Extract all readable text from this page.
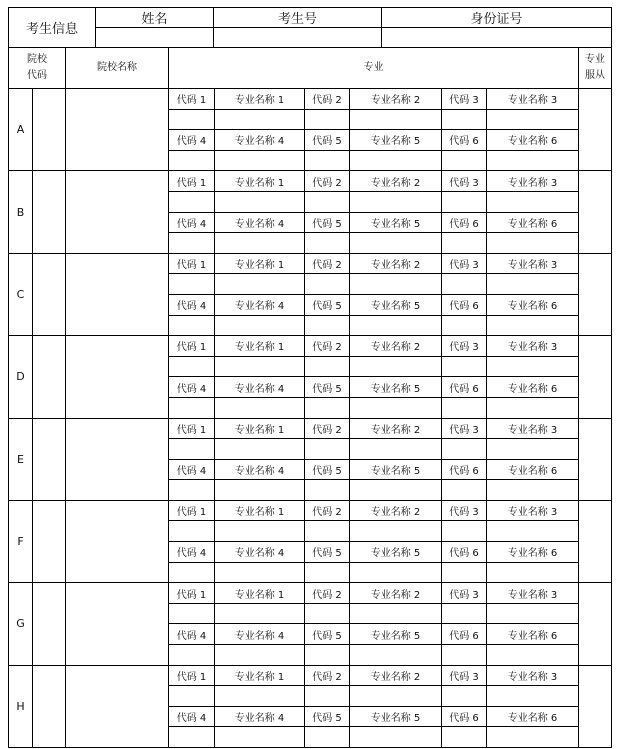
考生信息	姓名	考生号	身份证号

院校
代码		院校名称	专业						专业
服从
A			代码 1	专业名称 1	代码 2	专业名称 2	代码 3	专业名称 3	

			代码 4	专业名称 4	代码 5	专业名称 5	代码 6	专业名称 6	

B			代码 1	专业名称 1	代码 2	专业名称 2	代码 3	专业名称 3	

			代码 4	专业名称 4	代码 5	专业名称 5	代码 6	专业名称 6	

C			代码 1	专业名称 1	代码 2	专业名称 2	代码 3	专业名称 3	

			代码 4	专业名称 4	代码 5	专业名称 5	代码 6	专业名称 6	

D			代码 1	专业名称 1	代码 2	专业名称 2	代码 3	专业名称 3	

			代码 4	专业名称 4	代码 5	专业名称 5	代码 6	专业名称 6	

E			代码 1	专业名称 1	代码 2	专业名称 2	代码 3	专业名称 3	

			代码 4	专业名称 4	代码 5	专业名称 5	代码 6	专业名称 6	

F			代码 1	专业名称 1	代码 2	专业名称 2	代码 3	专业名称 3	

			代码 4	专业名称 4	代码 5	专业名称 5	代码 6	专业名称 6	

G			代码 1	专业名称 1	代码 2	专业名称 2	代码 3	专业名称 3	

			代码 4	专业名称 4	代码 5	专业名称 5	代码 6	专业名称 6	

H			代码 1	专业名称 1	代码 2	专业名称 2	代码 3	专业名称 3	

			代码 4	专业名称 4	代码 5	专业名称 5	代码 6	专业名称 6	
